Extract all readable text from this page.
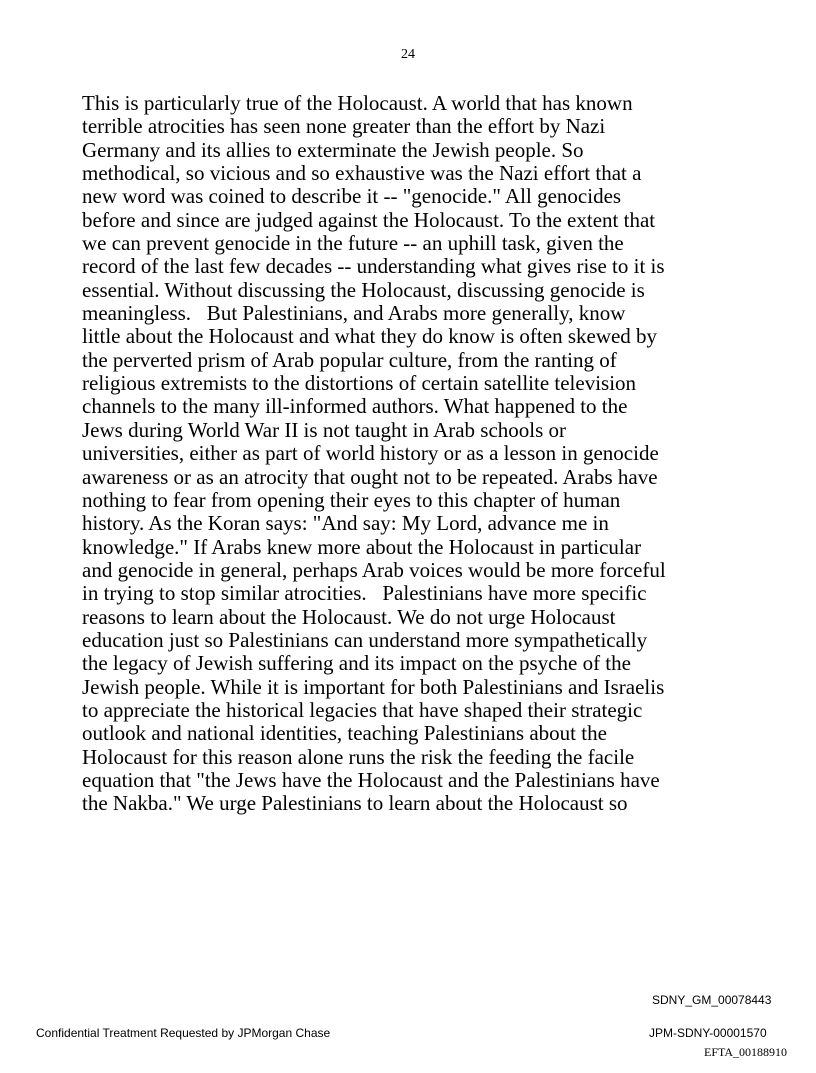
24
This is particularly true of the Holocaust. A world that has known
terrible atrocities has seen none greater than the effort by Nazi
Germany and its allies to exterminate the Jewish people. So
methodical, so vicious and so exhaustive was the Nazi effort that a
new word was coined to describe it -- "genocide." All genocides
before and since are judged against the Holocaust. To the extent that
we can prevent genocide in the future -- an uphill task, given the
record of the last few decades -- understanding what gives rise to it is
essential. Without discussing the Holocaust, discussing genocide is
meaningless.   But Palestinians, and Arabs more generally, know
little about the Holocaust and what they do know is often skewed by
the perverted prism of Arab popular culture, from the ranting of
religious extremists to the distortions of certain satellite television
channels to the many ill-informed authors. What happened to the
Jews during World War II is not taught in Arab schools or
universities, either as part of world history or as a lesson in genocide
awareness or as an atrocity that ought not to be repeated. Arabs have
nothing to fear from opening their eyes to this chapter of human
history. As the Koran says: "And say: My Lord, advance me in
knowledge." If Arabs knew more about the Holocaust in particular
and genocide in general, perhaps Arab voices would be more forceful
in trying to stop similar atrocities.   Palestinians have more specific
reasons to learn about the Holocaust. We do not urge Holocaust
education just so Palestinians can understand more sympathetically
the legacy of Jewish suffering and its impact on the psyche of the
Jewish people. While it is important for both Palestinians and Israelis
to appreciate the historical legacies that have shaped their strategic
outlook and national identities, teaching Palestinians about the
Holocaust for this reason alone runs the risk the feeding the facile
equation that "the Jews have the Holocaust and the Palestinians have
the Nakba." We urge Palestinians to learn about the Holocaust so
SDNY_GM_00078443
Confidential Treatment Requested by JPMorgan Chase	JPM-SDNY-00001570
EFTA_00188910
